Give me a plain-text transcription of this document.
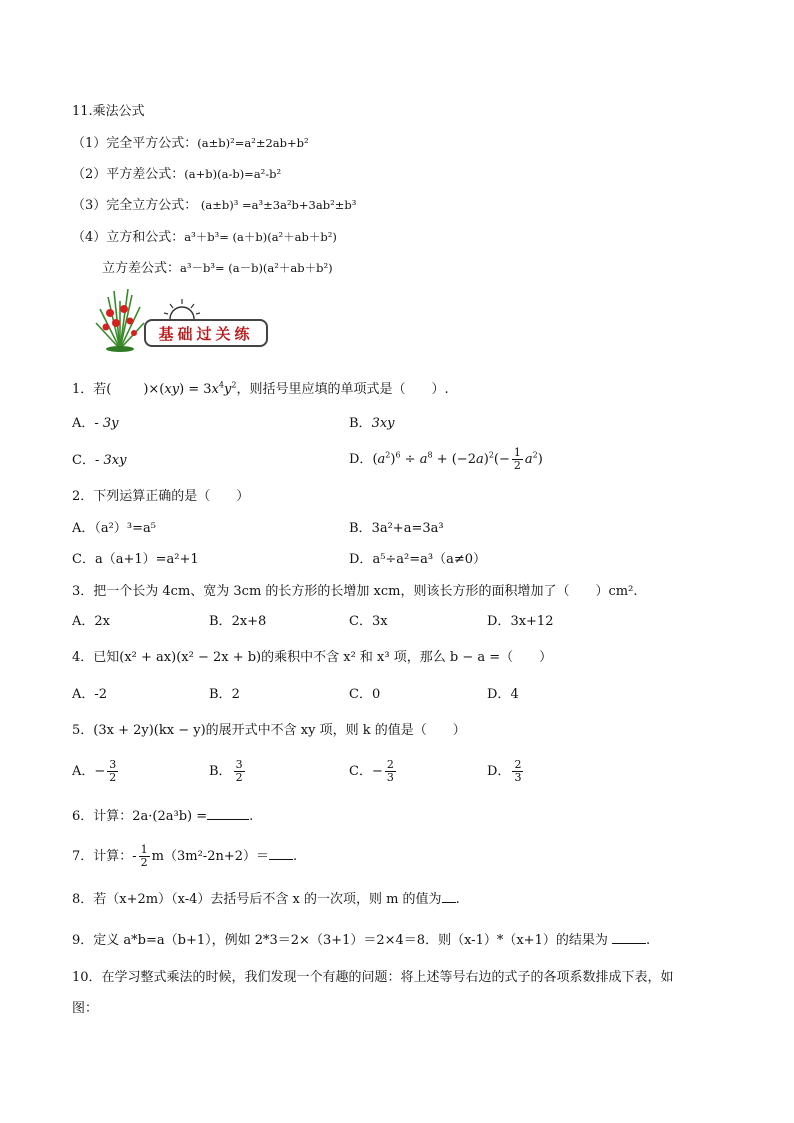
11.乘法公式
（1）完全平方公式：(a±b)²=a²±2ab+b²
（2）平方差公式：(a+b)(a-b)=a²-b²
（3）完全立方公式： (a±b)³ =a³±3a²b+3ab²±b³
（4）立方和公式：a³＋b³= (a＋b)(a²＋ab＋b²)
立方差公式：a³－b³= (a－b)(a²＋ab＋b²)
基础过关练
1．若( )$\times(xy) = 3x^4y^2$，则括号里应填的单项式是（　　）.
A．- 3y	B．3xy
C．- 3xy	D．$(a^2)^6 \div a^8 + (-2a)^2(- \frac{1}{2} a^2)$
2．下列运算正确的是（　　）
A．（a²）³=a⁵	B．3a²+a=3a³
C．a（a+1）=a²+1	D．a⁵÷a²=a³（a≠0）
3．把一个长为 4cm、宽为 3cm 的长方形的长增加 xcm，则该长方形的面积增加了（　　）cm².
A．2x	B．2x+8	C．3x	D．3x+12
4．已知(x² + ax)(x² − 2x + b)的乘积中不含 x² 和 x³ 项，那么 b − a =（　　）
A．-2	B．2	C．0	D．4
5．(3x + 2y)(kx − y)的展开式中不含 xy 项，则 k 的值是（　　）
A．− $\frac{3}{2}$	B． $\frac{3}{2}$	C．− $\frac{2}{3}$	D． $\frac{2}{3}$
6．计算：2a·(2a³b) =	.
7．计算：- $\frac{1}{2} m(3m^2-2n+2)=$ .
8．若（x+2m）（x-4）去括号后不含 x 的一次项，则 m 的值为 .
9．定义 a*b=a（b+1），例如 2*3＝2×（3+1）＝2×4＝8．则（x-1）*（x+1）的结果为	.
10．在学习整式乘法的时候，我们发现一个有趣的问题：将上述等号右边的式子的各项系数排成下表，如
图：
